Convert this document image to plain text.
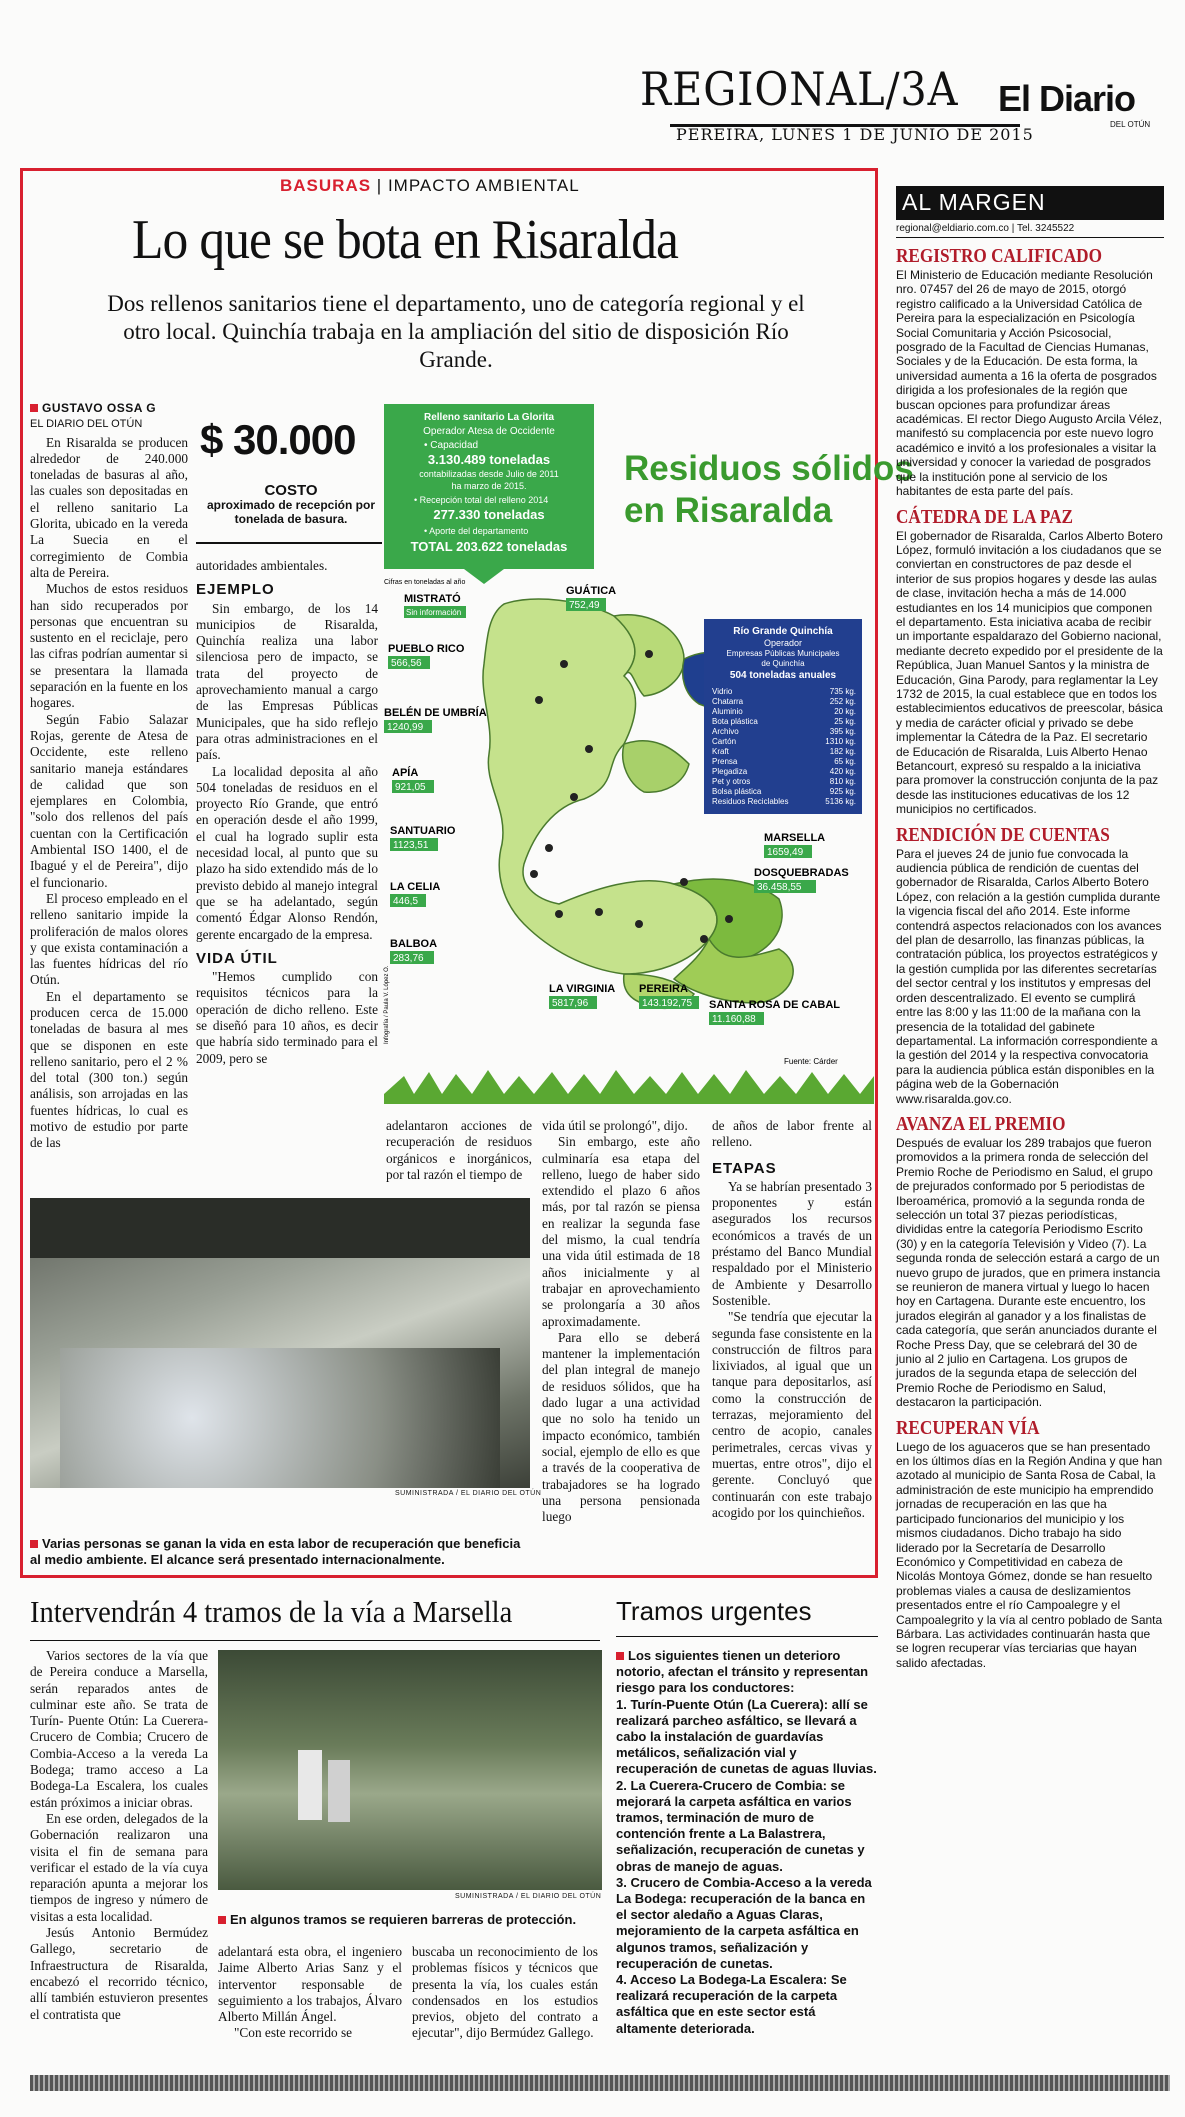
REGIONAL/3A
PEREIRA, LUNES 1 DE JUNIO DE 2015
El Diario
DEL OTÚN
BASURAS | IMPACTO AMBIENTAL
Lo que se bota en Risaralda
Dos rellenos sanitarios tiene el departamento, uno de categoría regional y el otro local. Quinchía trabaja en la ampliación del sitio de disposición Río Grande.
GUSTAVO OSSA G
EL DIARIO DEL OTÚN

En Risaralda se producen alrededor de 240.000 toneladas de basuras al año, las cuales son depositadas en el relleno sanitario La Glorita, ubicado en la vereda La Suecia en el corregimiento de Combia alta de Pereira.

Muchos de estos residuos han sido recuperados por personas que encuentran su sustento en el reciclaje, pero las cifras podrían aumentar si se presentara la llamada separación en la fuente en los hogares.

Según Fabio Salazar Rojas, gerente de Atesa de Occidente, este relleno sanitario maneja estándares de calidad que son ejemplares en Colombia, "solo dos rellenos del país cuentan con la Certificación Ambiental ISO 1400, el de Ibagué y el de Pereira", dijo el funcionario.

El proceso empleado en el relleno sanitario impide la proliferación de malos olores y que exista contaminación a las fuentes hídricas del río Otún.

En el departamento se producen cerca de 15.000 toneladas de basura al mes que se disponen en este relleno sanitario, pero el 2 % del total (300 ton.) según análisis, son arrojadas en las fuentes hídricas, lo cual es motivo de estudio por parte de las

$ 30.000
COSTO
aproximado de recepción por tonelada de basura.
autoridades ambientales.
EJEMPLO

Sin embargo, de los 14 municipios de Risaralda, Quinchía realiza una labor silenciosa pero de impacto, se trata del proyecto de aprovechamiento manual a cargo de las Empresas Públicas Municipales, que ha sido reflejo para otras administraciones en el país.

La localidad deposita al año 504 toneladas de residuos en el proyecto Río Grande, que entró en operación desde el año 1999, el cual ha logrado suplir esta necesidad local, al punto que su plazo ha sido extendido más de lo previsto debido al manejo integral que se ha adelantado, según comentó Édgar Alonso Rendón, gerente encargado de la empresa.

VIDA ÚTIL

"Hemos cumplido con requisitos técnicos para la operación de dicho relleno. Este se diseñó para 10 años, es decir que habría sido terminado para el 2009, pero se

Relleno sanitario La Glorita
Operador Atesa de Occidente
• Capacidad
3.130.489 toneladas
contabilizadas desde Julio de 2011
ha marzo de 2015.
• Recepción total del relleno 2014
277.330 toneladas
• Aporte del departamento
TOTAL 203.622 toneladas
Residuos sólidos
en Risaralda
Cifras en toneladas al año
MISTRATÓ
GUÁTICA
PUEBLO RICO
BELÉN DE UMBRÍA
APÍA
SANTUARIO
LA CELIA
BALBOA
LA VIRGINIA PEREIRA
SANTA ROSA DE CABAL
MARSELLA
DOSQUEBRADAS
Sin información
752,49
566,56
1240,99
921,05
1123,51
446,5
283,76
5817,96	143.192,75
11.160,88
1659,49
36.458,55
Río Grande Quinchía
Operador
Empresas Públicas Municipales
de Quinchía
504 toneladas anuales
Vidrio	735 kg.
Chatarra	252 kg.
Aluminio	20 kg.
Bota plástica	25 kg.
Archivo	395 kg.
Cartón	1310 kg.
Kraft	182 kg.
Prensa	65 kg.
Plegadiza	420 kg.
Pet y otros	810 kg.
Bolsa plástica	925 kg.
Residuos Reciclables	5136 kg.
Fuente: Cárder
Infografía / Paula V. López O.
adelantaron acciones de recuperación de residuos orgánicos e inorgánicos, por tal razón el tiempo de
vida útil se prolongó", dijo.

Sin embargo, este año culminaría esa etapa del relleno, luego de haber sido extendido el plazo 6 años más, por tal razón se piensa en realizar la segunda fase del mismo, la cual tendría una vida útil estimada de 18 años inicialmente y al trabajar en aprovechamiento se prolongaría a 30 años aproximadamente.

Para ello se deberá mantener la implementación del plan integral de manejo de residuos sólidos, que ha dado lugar a una actividad que no solo ha tenido un impacto económico, también social, ejemplo de ello es que a través de la cooperativa de trabajadores se ha logrado una persona pensionada luego

de años de labor frente al relleno.
ETAPAS

Ya se habrían presentado 3 proponentes y están asegurados los recursos económicos a través de un préstamo del Banco Mundial respaldado por el Ministerio de Ambiente y Desarrollo Sostenible.

"Se tendría que ejecutar la segunda fase consistente en la construcción de filtros para lixiviados, al igual que un tanque para depositarlos, así como la construcción de terrazas, mejoramiento del centro de acopio, canales perimetrales, cercas vivas y muertas, entre otros", dijo el gerente. Concluyó que continuarán con este trabajo acogido por los quinchieños.

SUMINISTRADA / EL DIARIO DEL OTÚN
Varias personas se ganan la vida en esta labor de recuperación que beneficia al medio ambiente. El alcance será presentado internacionalmente.
AL MARGEN
regional@eldiario.com.co | Tel. 3245522
REGISTRO CALIFICADO
El Ministerio de Educación mediante Resolución nro. 07457 del 26 de mayo de 2015, otorgó registro calificado a la Universidad Católica de Pereira para la especialización en Psicología Social Comunitaria y Acción Psicosocial, posgrado de la Facultad de Ciencias Humanas, Sociales y de la Educación. De esta forma, la universidad aumenta a 16 la oferta de posgrados dirigida a los profesionales de la región que buscan opciones para profundizar áreas académicas. El rector Diego Augusto Arcila Vélez, manifestó su complacencia por este nuevo logro académico e invitó a los profesionales a visitar la universidad y conocer la variedad de posgrados que la institución pone al servicio de los habitantes de esta parte del país.
CÁTEDRA DE LA PAZ
El gobernador de Risaralda, Carlos Alberto Botero López, formuló invitación a los ciudadanos que se conviertan en constructores de paz desde el interior de sus propios hogares y desde las aulas de clase, invitación hecha a más de 14.000 estudiantes en los 14 municipios que componen el departamento. Esta iniciativa acaba de recibir un importante espaldarazo del Gobierno nacional, mediante decreto expedido por el presidente de la República, Juan Manuel Santos y la ministra de Educación, Gina Parody, para reglamentar la Ley 1732 de 2015, la cual establece que en todos los establecimientos educativos de preescolar, básica y media de carácter oficial y privado se debe implementar la Cátedra de la Paz. El secretario de Educación de Risaralda, Luis Alberto Henao Betancourt, expresó su respaldo a la iniciativa para promover la construcción conjunta de la paz desde las instituciones educativas de los 12 municipios no certificados.
RENDICIÓN DE CUENTAS
Para el jueves 24 de junio fue convocada la audiencia pública de rendición de cuentas del gobernador de Risaralda, Carlos Alberto Botero López, con relación a la gestión cumplida durante la vigencia fiscal del año 2014. Este informe contendrá aspectos relacionados con los avances del plan de desarrollo, las finanzas públicas, la contratación pública, los proyectos estratégicos y la gestión cumplida por las diferentes secretarías del sector central y los institutos y empresas del orden descentralizado. El evento se cumplirá entre las 8:00 y las 11:00 de la mañana con la presencia de la totalidad del gabinete departamental. La información correspondiente a la gestión del 2014 y la respectiva convocatoria para la audiencia pública están disponibles en la página web de la Gobernación www.risaralda.gov.co.
AVANZA EL PREMIO
Después de evaluar los 289 trabajos que fueron promovidos a la primera ronda de selección del Premio Roche de Periodismo en Salud, el grupo de prejurados conformado por 5 periodistas de Iberoamérica, promovió a la segunda ronda de selección un total 37 piezas periodísticas, divididas entre la categoría Periodismo Escrito (30) y en la categoría Televisión y Video (7). La segunda ronda de selección estará a cargo de un nuevo grupo de jurados, que en primera instancia se reunieron de manera virtual y luego lo hacen hoy en Cartagena. Durante este encuentro, los jurados elegirán al ganador y a los finalistas de cada categoría, que serán anunciados durante el Roche Press Day, que se celebrará del 30 de junio al 2 julio en Cartagena. Los grupos de jurados de la segunda etapa de selección del Premio Roche de Periodismo en Salud, destacaron la participación.
RECUPERAN VÍA
Luego de los aguaceros que se han presentado en los últimos días en la Región Andina y que han azotado al municipio de Santa Rosa de Cabal, la administración de este municipio ha emprendido jornadas de recuperación en las que ha participado funcionarios del municipio y los mismos ciudadanos. Dicho trabajo ha sido liderado por la Secretaría de Desarrollo Económico y Competitividad en cabeza de Nicolás Montoya Gómez, donde se han resuelto problemas viales a causa de deslizamientos presentados entre el río Campoalegre y el Campoalegrito y la vía al centro poblado de Santa Bárbara. Las actividades continuarán hasta que se logren recuperar vías terciarias que hayan salido afectadas.
Intervendrán 4 tramos de la vía a Marsella

Varios sectores de la vía que de Pereira conduce a Marsella, serán reparados antes de culminar este año. Se trata de Turín- Puente Otún: La Cuerera-Crucero de Combia; Crucero de Combia-Acceso a la vereda La Bodega; tramo acceso a La Bodega-La Escalera, los cuales están próximos a iniciar obras.

En ese orden, delegados de la Gobernación realizaron una visita el fin de semana para verificar el estado de la vía cuya reparación apunta a mejorar los tiempos de ingreso y número de visitas a esta localidad.

Jesús Antonio Bermúdez Gallego, secretario de Infraestructura de Risaralda, encabezó el recorrido técnico, allí también estuvieron presentes el contratista que

SUMINISTRADA / EL DIARIO DEL OTÚN
En algunos tramos se requieren barreras de protección.
adelantará esta obra, el ingeniero Jaime Alberto Arias Sanz y el interventor responsable de seguimiento a los trabajos, Álvaro Alberto Millán Ángel.

"Con este recorrido se

buscaba un reconocimiento de los problemas físicos y técnicos que presenta la vía, los cuales están condensados en los estudios previos, objeto del contrato a ejecutar", dijo Bermúdez Gallego.
Tramos urgentes
Los siguientes tienen un deterioro notorio, afectan el tránsito y representan riesgo para los conductores:
1. Turín-Puente Otún (La Cuerera): allí se realizará parcheo asfáltico, se llevará a cabo la instalación de guardavías metálicos, señalización vial y recuperación de cunetas de aguas lluvias.
2. La Cuerera-Crucero de Combia: se mejorará la carpeta asfáltica en varios tramos, terminación de muro de contención frente a La Balastrera, señalización, recuperación de cunetas y obras de manejo de aguas.
3. Crucero de Combia-Acceso a la vereda La Bodega: recuperación de la banca en el sector aledaño a Aguas Claras, mejoramiento de la carpeta asfáltica en algunos tramos, señalización y recuperación de cunetas.
4. Acceso La Bodega-La Escalera: Se realizará recuperación de la carpeta asfáltica que en este sector está altamente deteriorada.
